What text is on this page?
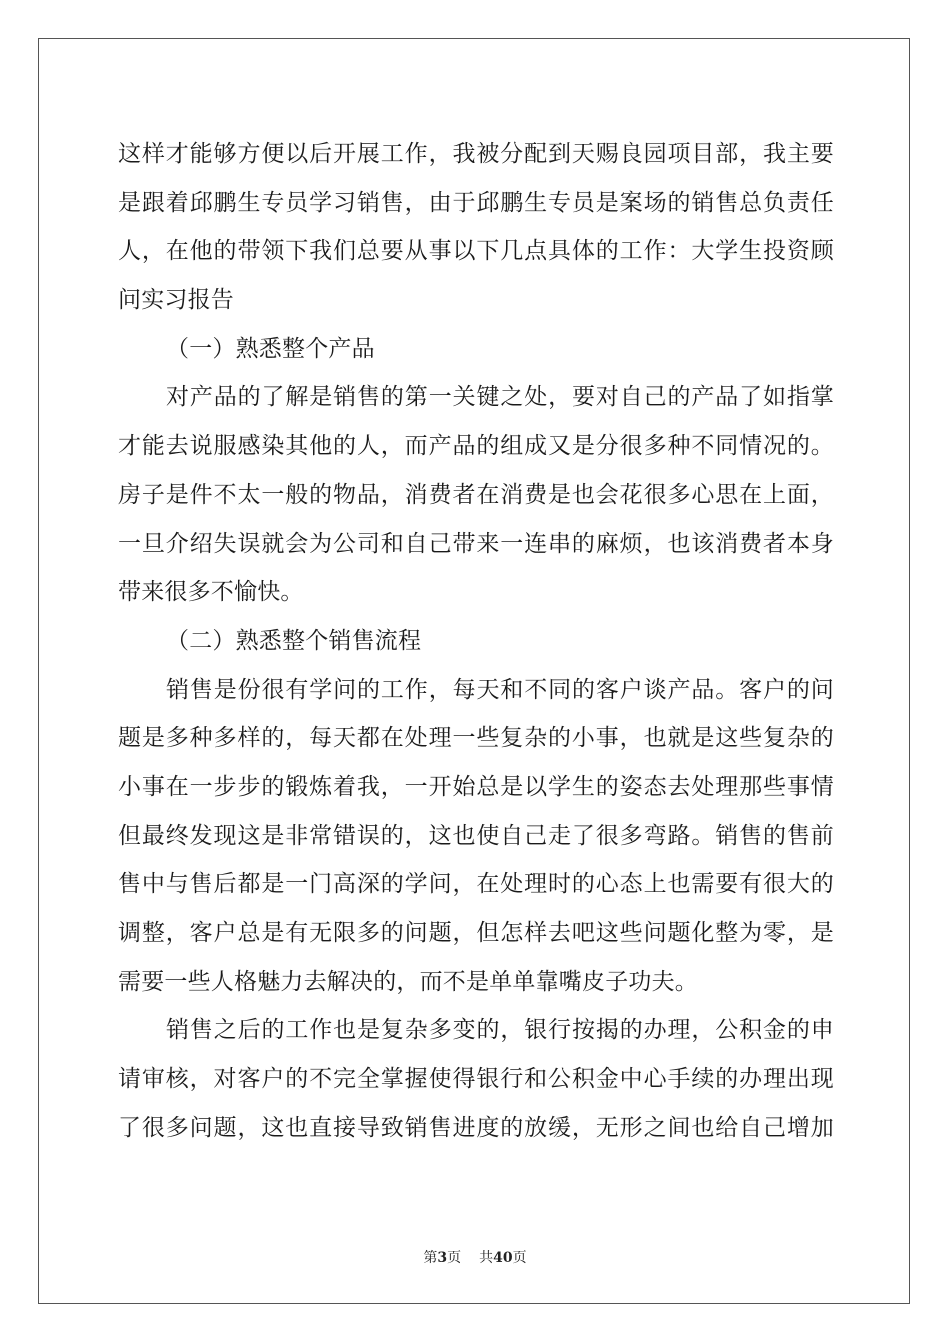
这样才能够方便以后开展工作，我被分配到天赐良园项目部，我主要
是跟着邱鹏生专员学习销售，由于邱鹏生专员是案场的销售总负责任
人，在他的带领下我们总要从事以下几点具体的工作：大学生投资顾
问实习报告
（一）熟悉整个产品
对产品的了解是销售的第一关键之处，要对自己的产品了如指掌
才能去说服感染其他的人，而产品的组成又是分很多种不同情况的。
房子是件不太一般的物品，消费者在消费是也会花很多心思在上面，
一旦介绍失误就会为公司和自己带来一连串的麻烦，也该消费者本身
带来很多不愉快。
（二）熟悉整个销售流程
销售是份很有学问的工作，每天和不同的客户谈产品。客户的问
题是多种多样的，每天都在处理一些复杂的小事，也就是这些复杂的
小事在一步步的锻炼着我，一开始总是以学生的姿态去处理那些事情
但最终发现这是非常错误的，这也使自己走了很多弯路。销售的售前
售中与售后都是一门高深的学问，在处理时的心态上也需要有很大的
调整，客户总是有无限多的问题，但怎样去吧这些问题化整为零，是
需要一些人格魅力去解决的，而不是单单靠嘴皮子功夫。
销售之后的工作也是复杂多变的，银行按揭的办理，公积金的申
请审核，对客户的不完全掌握使得银行和公积金中心手续的办理出现
了很多问题，这也直接导致销售进度的放缓，无形之间也给自己增加
第3页 共40页
